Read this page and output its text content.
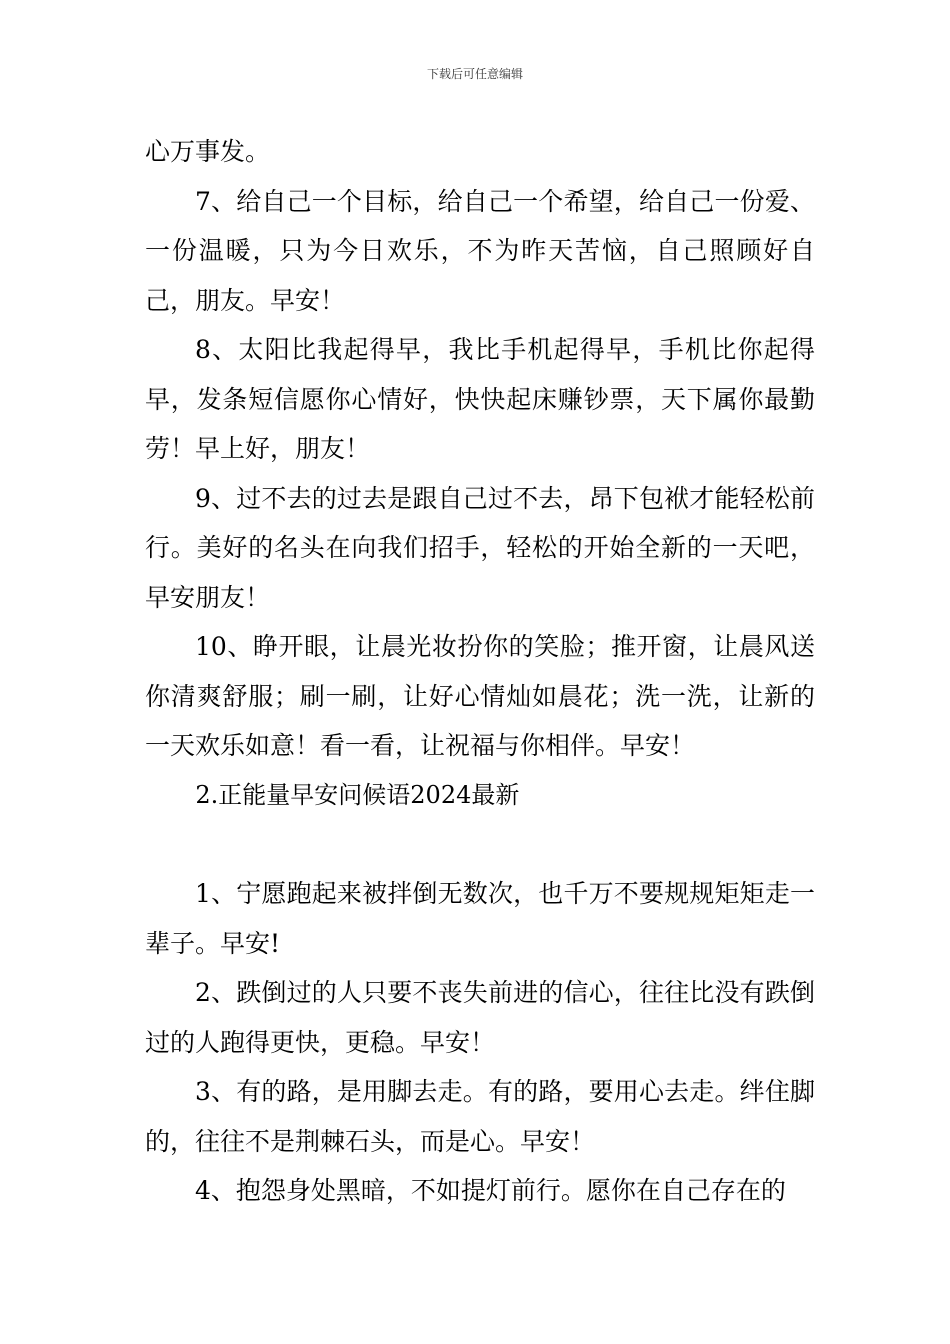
下载后可任意编辑

心万事发。

7、给自己一个目标，给自己一个希望，给自己一份爱、一份温暖，只为今日欢乐，不为昨天苦恼，自己照顾好自己，朋友。早安！

8、太阳比我起得早，我比手机起得早，手机比你起得早，发条短信愿你心情好，快快起床赚钞票，天下属你最勤劳！早上好，朋友！

9、过不去的过去是跟自己过不去，昂下包袱才能轻松前行。美好的名头在向我们招手，轻松的开始全新的一天吧，早安朋友！

10、睁开眼，让晨光妆扮你的笑脸；推开窗，让晨风送你清爽舒服；刷一刷，让好心情灿如晨花；洗一洗，让新的一天欢乐如意！看一看，让祝福与你相伴。早安！

2.正能量早安问候语2024最新

1、宁愿跑起来被拌倒无数次，也千万不要规规矩矩走一辈子。早安!

2、跌倒过的人只要不丧失前进的信心，往往比没有跌倒过的人跑得更快，更稳。早安！

3、有的路，是用脚去走。有的路，要用心去走。绊住脚的，往往不是荆棘石头，而是心。早安！

4、抱怨身处黑暗，不如提灯前行。愿你在自己存在的
